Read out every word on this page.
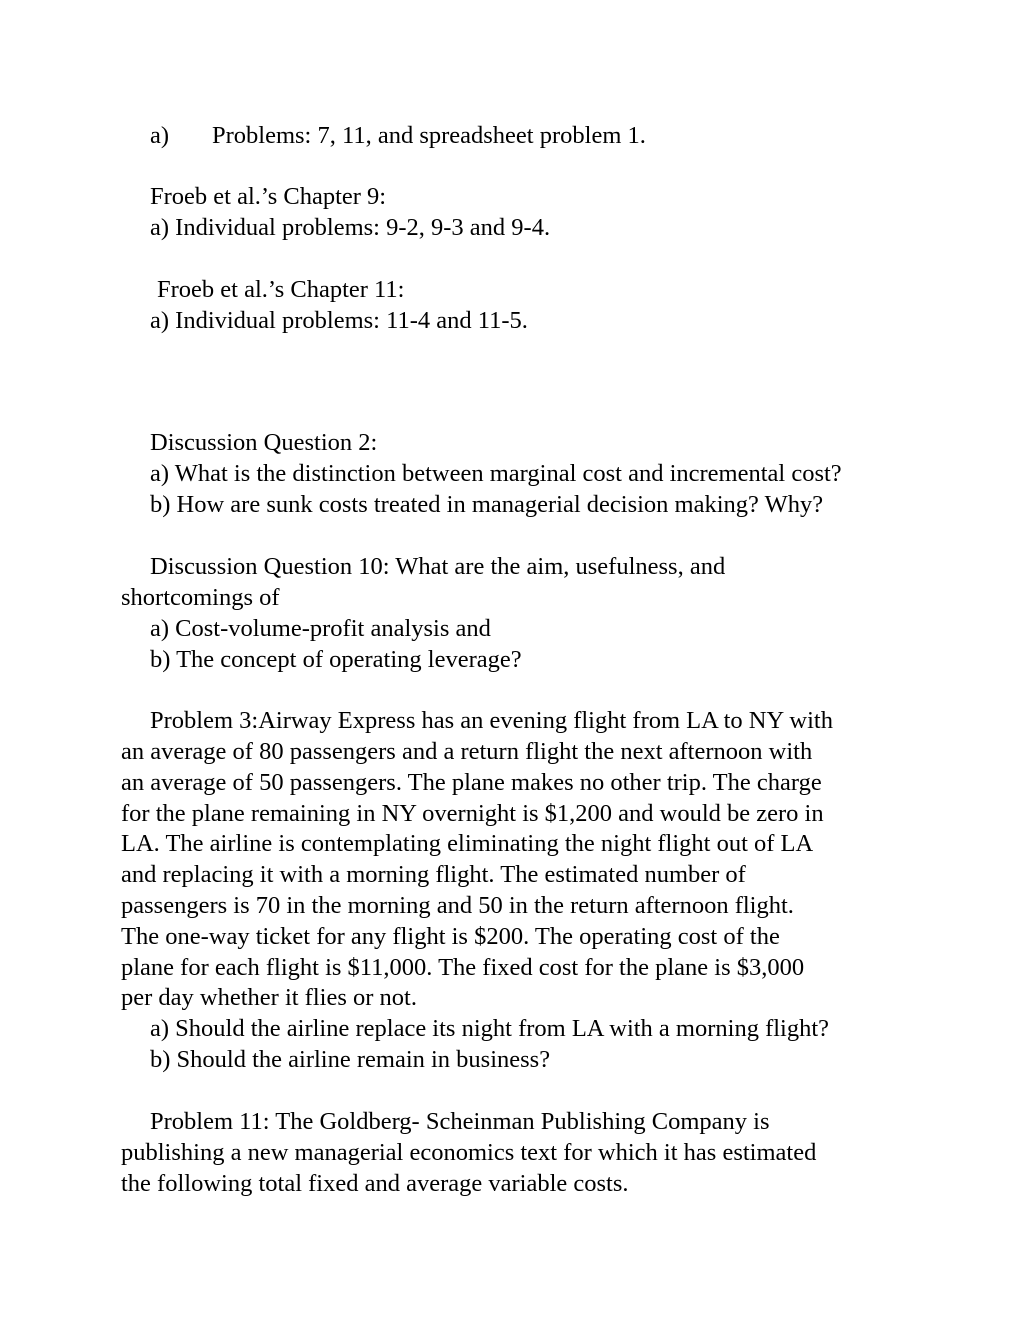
a) Problems: 7, 11, and spreadsheet problem 1.
Froeb et al.’s Chapter 9:
a) Individual problems: 9-2, 9-3 and 9-4.
Froeb et al.’s Chapter 11:
a) Individual problems: 11-4 and 11-5.
Discussion Question 2:
a) What is the distinction between marginal cost and incremental cost?
b) How are sunk costs treated in managerial decision making? Why?
Discussion Question 10: What are the aim, usefulness, and
shortcomings of
a) Cost-volume-profit analysis and
b) The concept of operating leverage?
Problem 3:Airway Express has an evening flight from LA to NY with
an average of 80 passengers and a return flight the next afternoon with
an average of 50 passengers. The plane makes no other trip. The charge
for the plane remaining in NY overnight is $1,200 and would be zero in
LA. The airline is contemplating eliminating the night flight out of LA
and replacing it with a morning flight. The estimated number of
passengers is 70 in the morning and 50 in the return afternoon flight.
The one-way ticket for any flight is $200. The operating cost of the
plane for each flight is $11,000. The fixed cost for the plane is $3,000
per day whether it flies or not.
a) Should the airline replace its night from LA with a morning flight?
b) Should the airline remain in business?
Problem 11: The Goldberg- Scheinman Publishing Company is
publishing a new managerial economics text for which it has estimated
the following total fixed and average variable costs.
